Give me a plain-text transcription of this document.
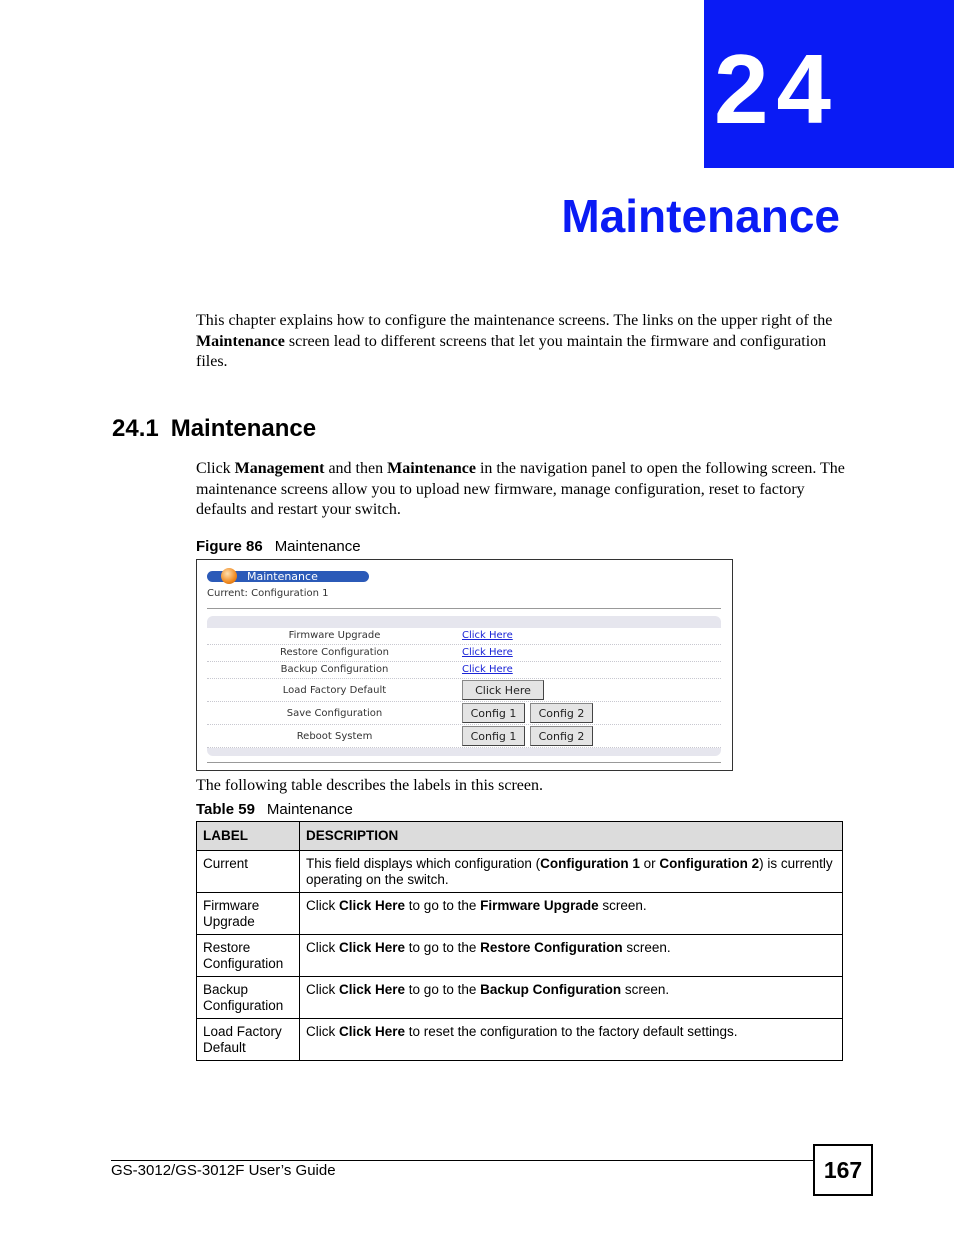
24
Maintenance
This chapter explains how to configure the maintenance screens. The links on the upper right of the Maintenance screen lead to different screens that let you maintain the firmware and configuration files.
24.1 Maintenance
Click Management and then Maintenance in the navigation panel to open the following screen. The maintenance screens allow you to upload new firmware, manage configuration, reset to factory defaults and restart your switch.
Figure 86 Maintenance
Maintenance
Current: Configuration 1
Firmware Upgrade	Click Here
Restore Configuration	Click Here
Backup Configuration	Click Here
Load Factory Default	Click Here
Save Configuration	Config 1	Config 2
Reboot System	Config 1	Config 2
The following table describes the labels in this screen.
Table 59 Maintenance
LABEL	DESCRIPTION
Current	This field displays which configuration (Configuration 1 or Configuration 2) is currently operating on the switch.
Firmware Upgrade	Click Click Here to go to the Firmware Upgrade screen.
Restore Configuration	Click Click Here to go to the Restore Configuration screen.
Backup Configuration	Click Click Here to go to the Backup Configuration screen.
Load Factory Default	Click Click Here to reset the configuration to the factory default settings.
GS-3012/GS-3012F User’s Guide	167
